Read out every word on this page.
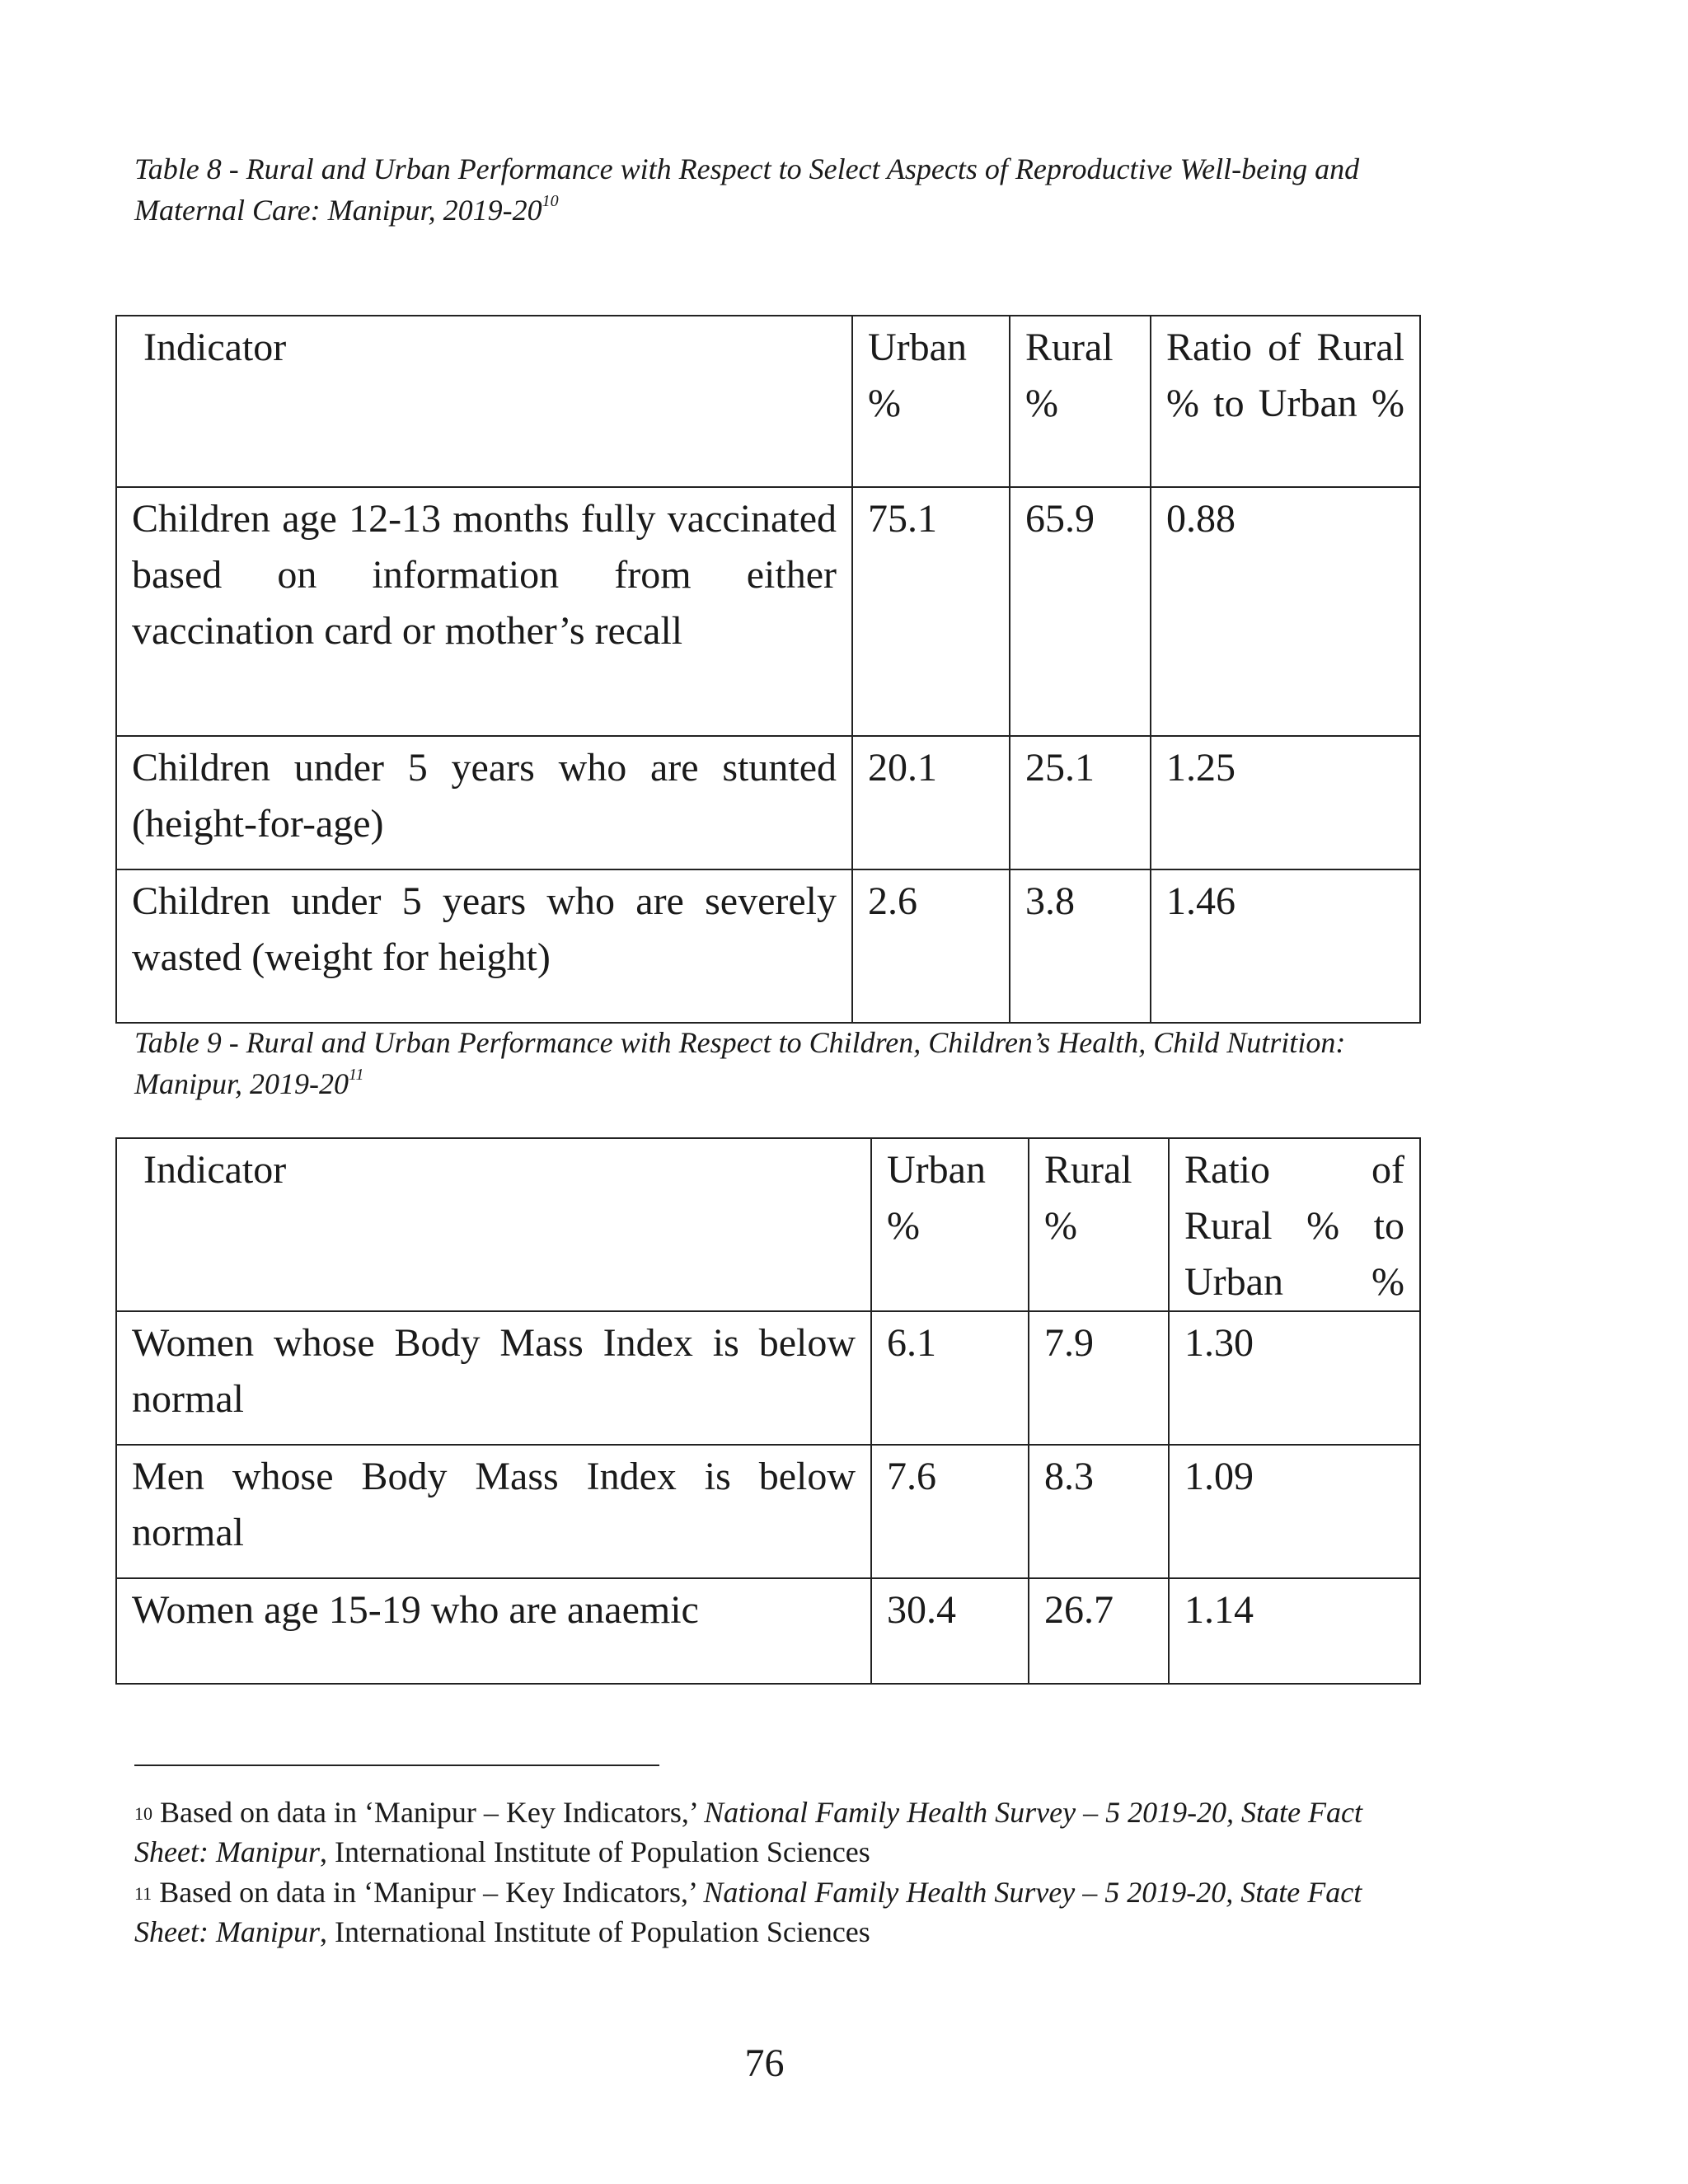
Table 8 - Rural and Urban Performance with Respect to Select Aspects of Reproductive Well-being and Maternal Care: Manipur, $2019-20^{10}$
Indicator	Urban %	Rural %	Ratio of Rural % to Urban %
Children age 12-13 months fully vaccinated based on information from either vaccination card or mother’s recall	75.1	65.9	0.88
Children under 5 years who are stunted (height-for-age)	20.1	25.1	1.25
Children under 5 years who are severely wasted (weight for height)	2.6	3.8	1.46
Table 9 - Rural and Urban Performance with Respect to Children, Children’s Health, Child Nutrition: Manipur, $2019-20^{11}$
Indicator	Urban %	Rural %	Ratio of Rural % to Urban %
Women whose Body Mass Index is below normal	6.1	7.9	1.30
Men whose Body Mass Index is below normal	7.6	8.3	1.09
Women age 15-19 who are anaemic	30.4	26.7	1.14
$^{10}$ Based on data in ‘Manipur – Key Indicators,’ National Family Health Survey – 5 2019-20, State Fact Sheet: Manipur, International Institute of Population Sciences
$^{11}$ Based on data in ‘Manipur – Key Indicators,’ National Family Health Survey – 5 2019-20, State Fact Sheet: Manipur, International Institute of Population Sciences
76
